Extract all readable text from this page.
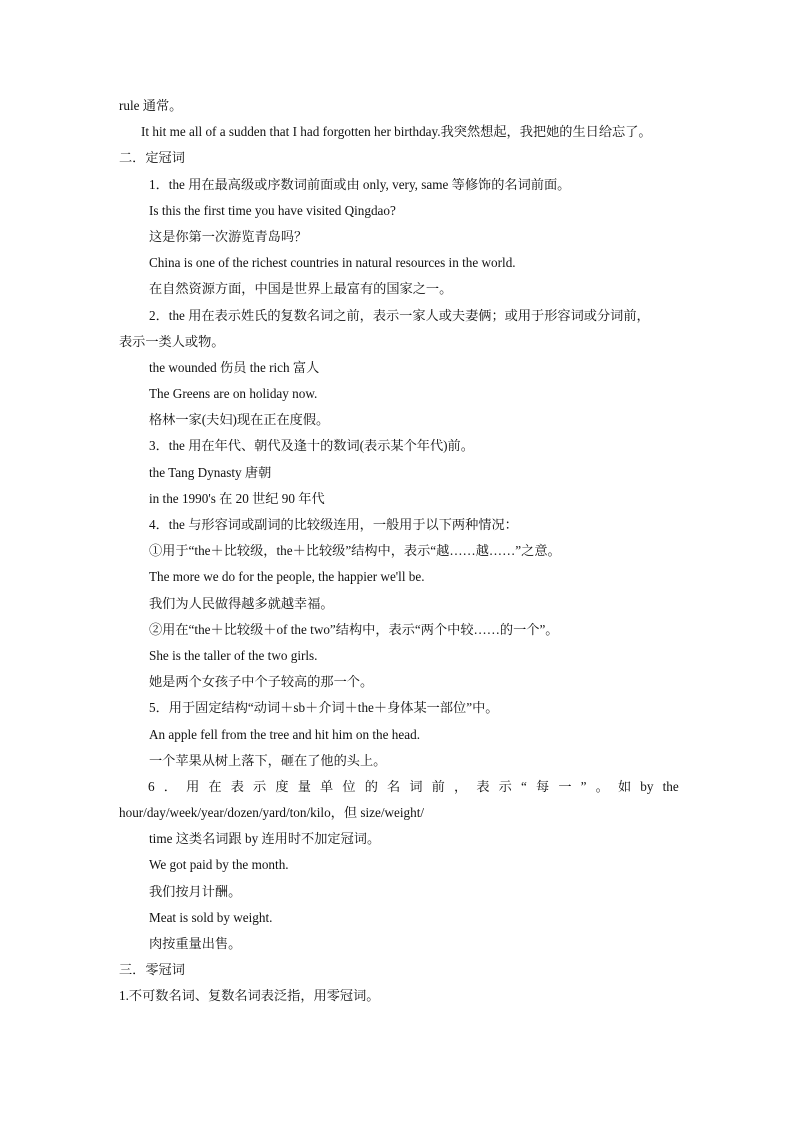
rule 通常。
It hit me all of a sudden that I had forgotten her birthday.我突然想起，我把她的生日给忘了。
二．定冠词
1．the 用在最高级或序数词前面或由 only, very, same 等修饰的名词前面。
Is this the first time you have visited Qingdao?
这是你第一次游览青岛吗？
China is one of the richest countries in natural resources in the world.
在自然资源方面，中国是世界上最富有的国家之一。
2．the 用在表示姓氏的复数名词之前，表示一家人或夫妻俩；或用于形容词或分词前，
表示一类人或物。
the wounded 伤员 the rich 富人
The Greens are on holiday now.
格林一家(夫妇)现在正在度假。
3．the 用在年代、朝代及逢十的数词(表示某个年代)前。
the Tang Dynasty 唐朝
in the 1990's 在 20 世纪 90 年代
4．the 与形容词或副词的比较级连用，一般用于以下两种情况：
①用于“the＋比较级，the＋比较级”结构中，表示“越……越……”之意。
The more we do for the people, the happier we'll be.
我们为人民做得越多就越幸福。
②用在“the＋比较级＋of the two”结构中，表示“两个中较……的一个”。
She is the taller of the two girls.
她是两个女孩子中个子较高的那一个。
5．用于固定结构“动词＋sb＋介词＋the＋身体某一部位”中。
An apple fell from the tree and hit him on the head.
一个苹果从树上落下，砸在了他的头上。
6 ． 用 在 表 示 度 量 单 位 的 名 词 前 ， 表 示 “ 每 一 ” 。 如 by the
hour/day/week/year/dozen/yard/ton/kilo，但 size/weight/
time 这类名词跟 by 连用时不加定冠词。
We got paid by the month.
我们按月计酬。
Meat is sold by weight.
肉按重量出售。
三．零冠词
1.不可数名词、复数名词表泛指，用零冠词。
